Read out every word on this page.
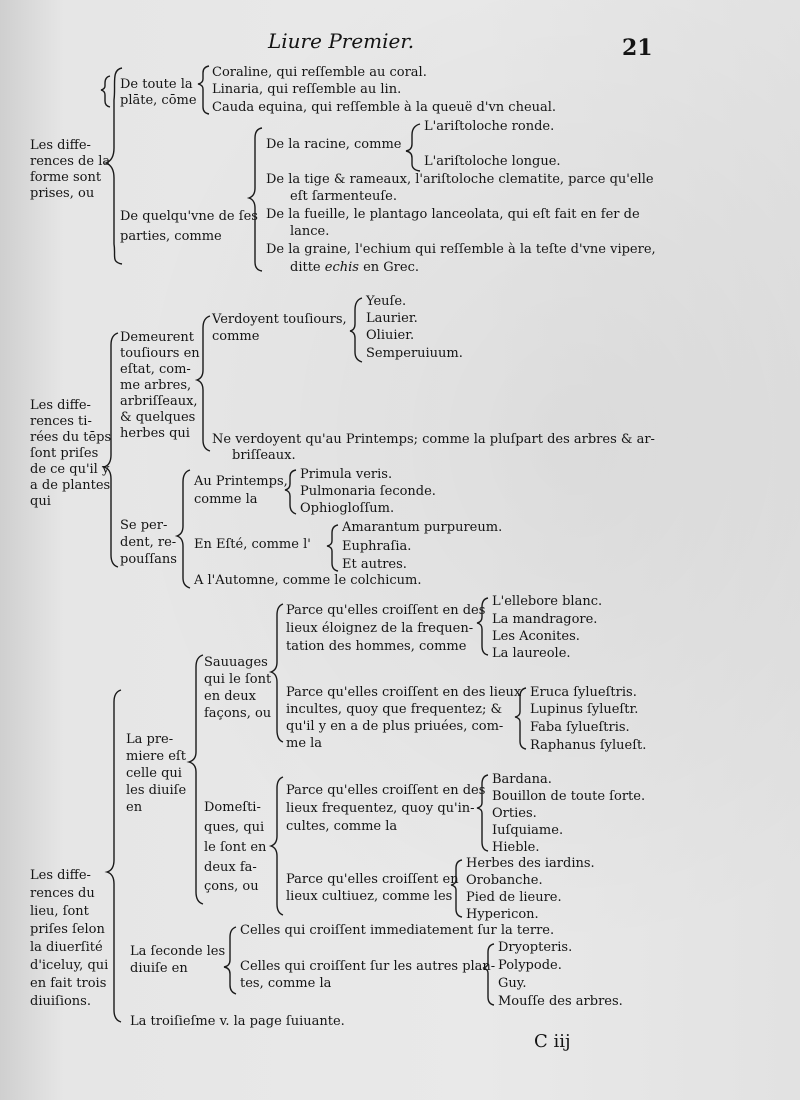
Liure Premier.	21
Les diffe-
rences de la
forme sont
prises, ou
De toute la
plāte, cōme
Coraline, qui reſſemble au coral.
Linaria, qui reſſemble au lin.
Cauda equina, qui reſſemble à la queuë d'vn cheual.
De quelqu'vne de ſes
parties, comme
De la racine, comme
L'ariſtoloche ronde.
L'ariſtoloche longue.
De la tige & rameaux, l'ariſtoloche clematite, parce qu'elle
eſt ſarmenteuſe.
De la fueille, le plantago lanceolata, qui eſt fait en fer de
lance.
De la graine, l'echium qui reſſemble à la teſte d'vne vipere,
ditte echis en Grec.
Les diffe-
rences ti-
rées du tēps
ſont priſes
de ce qu'il y
a de plantes
qui
Demeurent
touſiours en
eſtat, com-
me arbres,
arbriſſeaux,
& quelques
herbes qui
Verdoyent touſiours,
comme
Yeuſe.
Laurier.
Oliuier.
Semperuiuum.
Ne verdoyent qu'au Printemps; comme la pluſpart des arbres & ar-
briſſeaux.
Se per-
dent, re-
pouſſans
Au Printemps,
comme la
Primula veris.
Pulmonaria ſeconde.
Ophiogloſſum.
En Eſté, comme l'
Amarantum purpureum.
Euphraſia.
Et autres.
A l'Automne, comme le colchicum.
Les diffe-
rences du
lieu, ſont
priſes ſelon
la diuerſité
d'iceluy, qui
en fait trois
diuiſions.
La pre-
miere eſt
celle qui
les diuiſe
en
Sauuages
qui le ſont
en deux
façons, ou
Parce qu'elles croiſſent en des
lieux éloignez de la frequen-
tation des hommes, comme
L'ellebore blanc.
La mandragore.
Les Aconites.
La laureole.
Parce qu'elles croiſſent en des lieux
incultes, quoy que frequentez; &
qu'il y en a de plus priuées, com-
me la
Eruca ſylueſtris.
Lupinus ſylueſtr.
Faba ſylueſtris.
Raphanus ſylueſt.
Domeſti-
ques, qui
le ſont en
deux fa-
çons, ou
Parce qu'elles croiſſent en des
lieux frequentez, quoy qu'in-
cultes, comme la
Bardana.
Bouillon de toute ſorte.
Orties.
Iuſquiame.
Hieble.
Parce qu'elles croiſſent en
lieux cultiuez, comme les
Herbes des iardins.
Orobanche.
Pied de lieure.
Hypericon.
La ſeconde les
diuiſe en
Celles qui croiſſent immediatement ſur la terre.
Celles qui croiſſent ſur les autres plan-
tes, comme la
Dryopteris.
Polypode.
Guy.
Mouſſe des arbres.
La troiſieſme v. la page ſuiuante.
C iij
